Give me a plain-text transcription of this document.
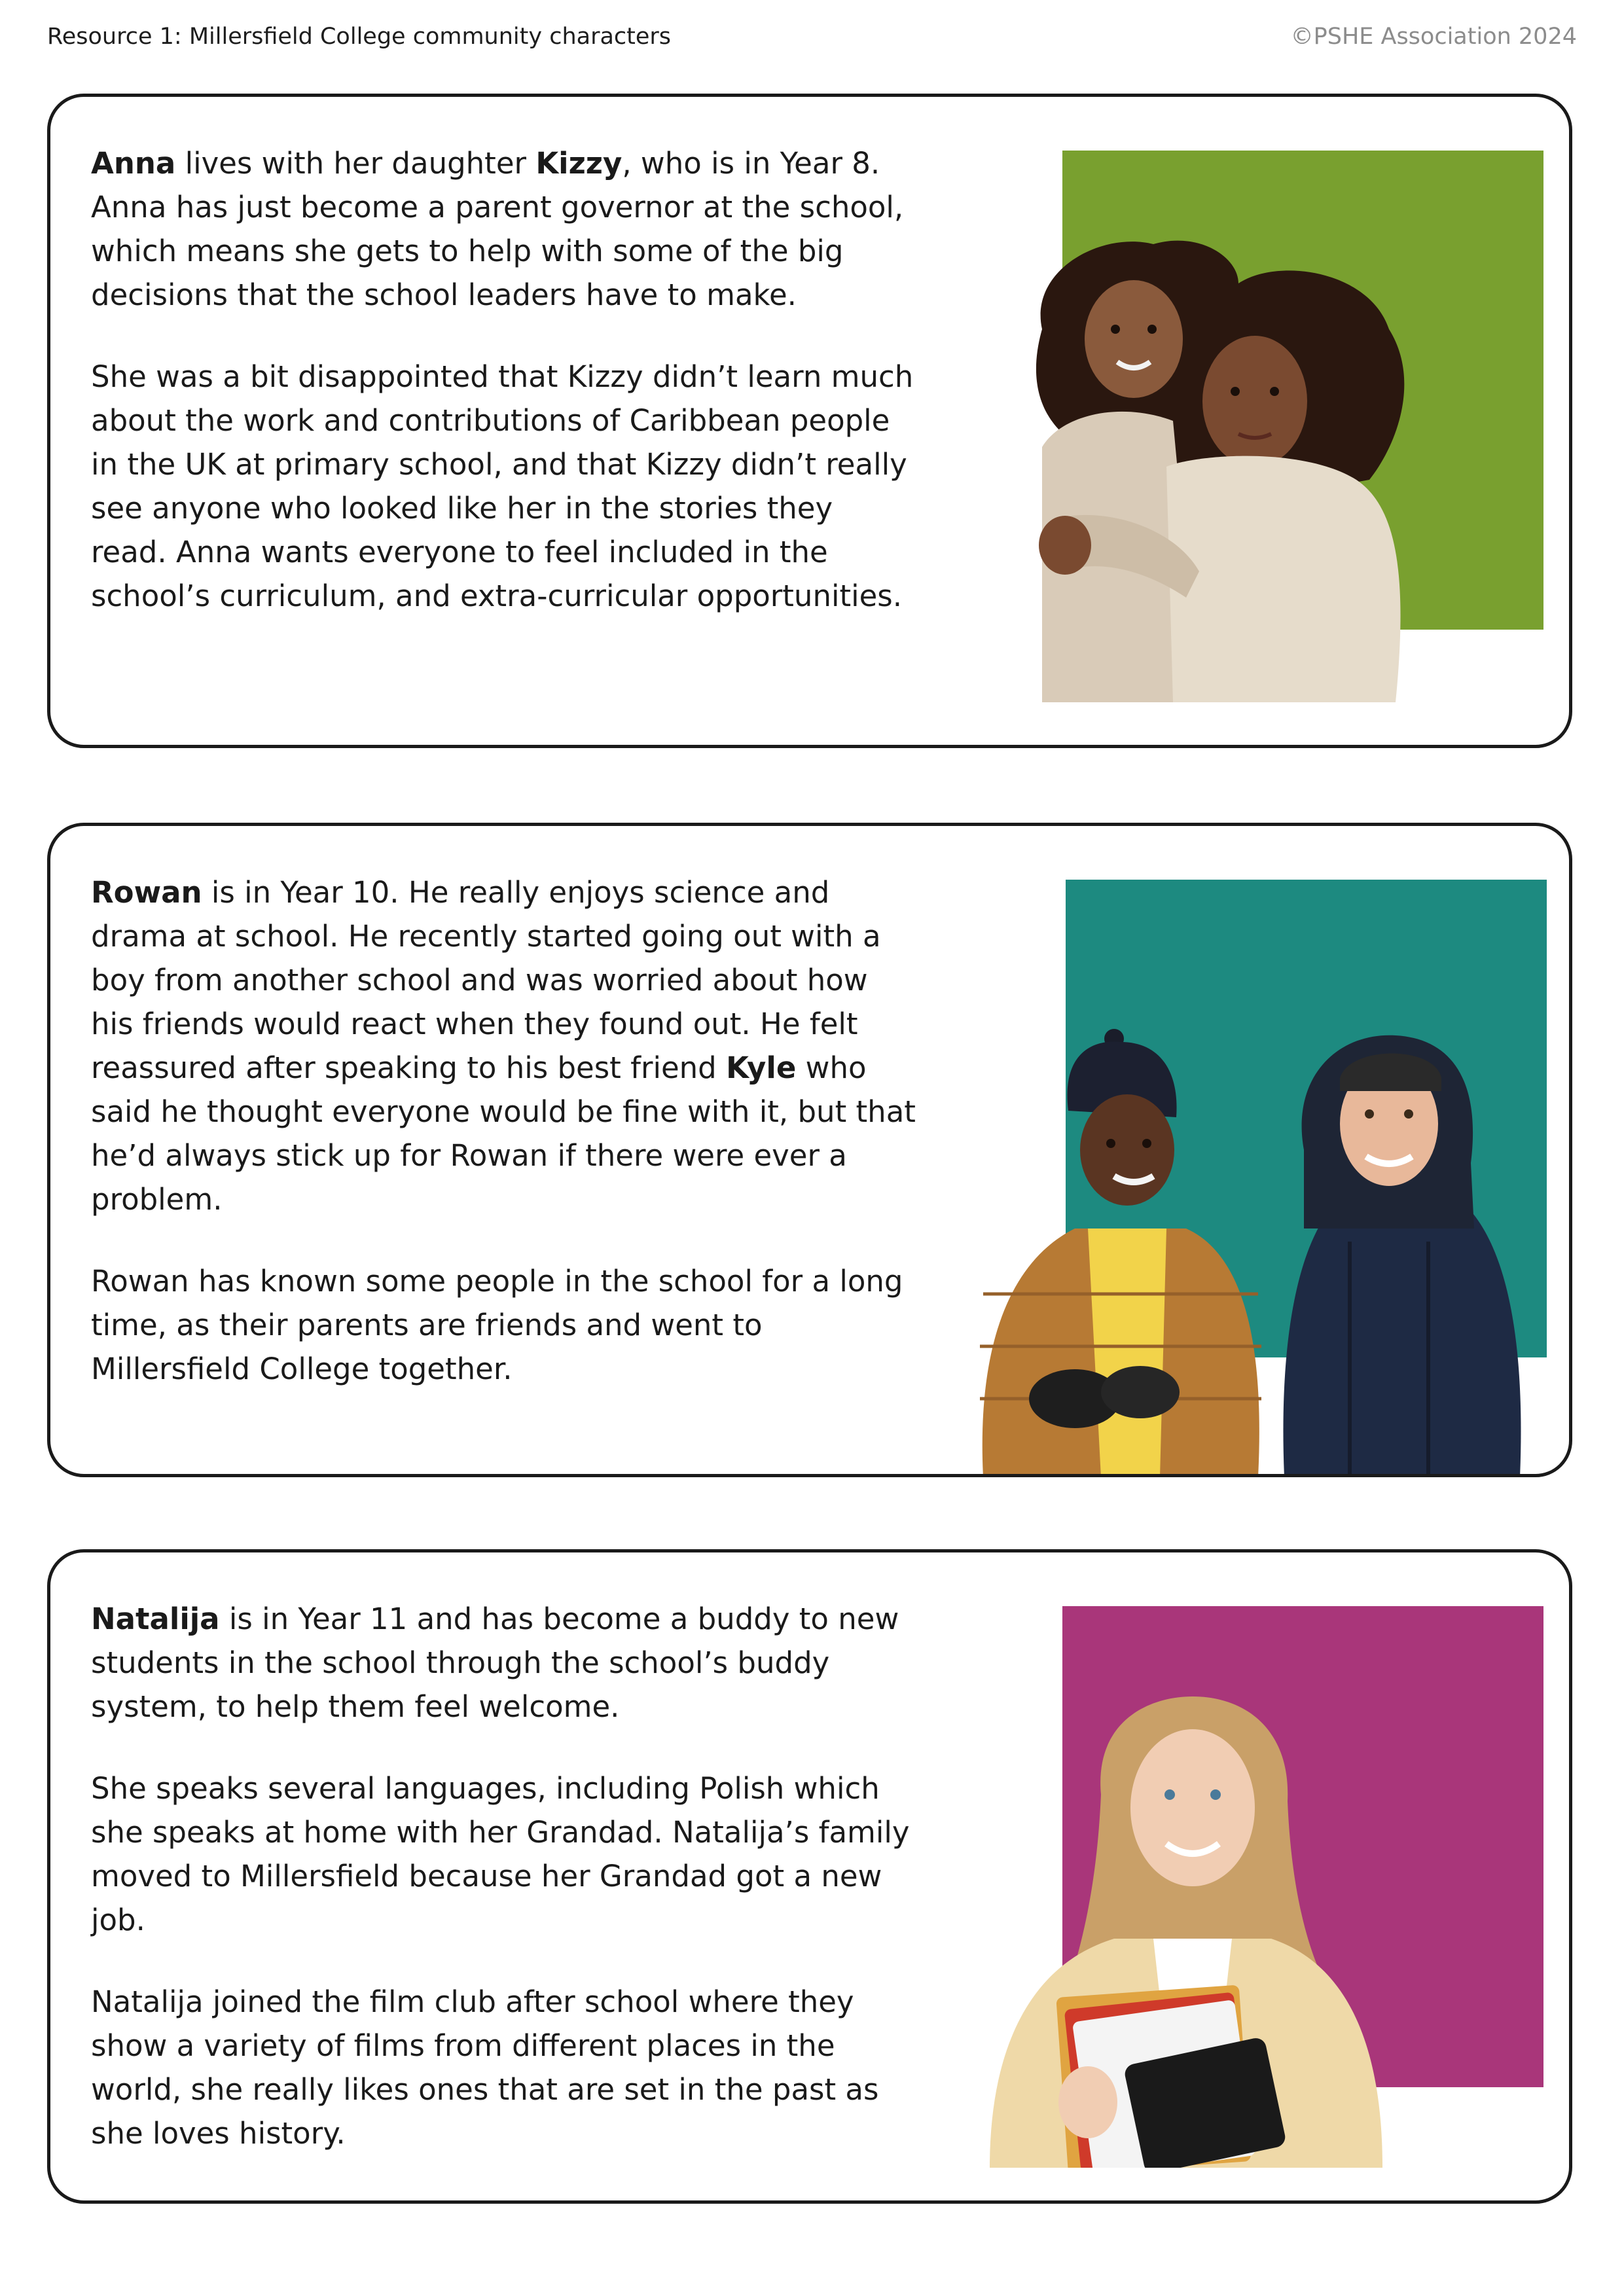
Resource 1: Millersfield College community characters	©PSHE Association 2024

Anna lives with her daughter Kizzy, who is in Year 8. Anna has just become a parent governor at the school, which means she gets to help with some of the big decisions that the school leaders have to make.

She was a bit disappointed that Kizzy didn’t learn much about the work and contributions of Caribbean people in the UK at primary school, and that Kizzy didn’t really see anyone who looked like her in the stories they read. Anna wants everyone to feel included in the school’s curriculum, and extra-curricular opportunities.

Rowan is in Year 10. He really enjoys science and drama at school. He recently started going out with a boy from another school and was worried about how his friends would react when they found out. He felt reassured after speaking to his best friend Kyle who said he thought everyone would be fine with it, but that he’d always stick up for Rowan if there were ever a problem.

Rowan has known some people in the school for a long time, as their parents are friends and went to Millersfield College together.

Natalija is in Year 11 and has become a buddy to new students in the school through the school’s buddy system, to help them feel welcome.

She speaks several languages, including Polish which she speaks at home with her Grandad. Natalija’s family moved to Millersfield because her Grandad got a new job.

Natalija joined the film club after school where they show a variety of films from different places in the world, she really likes ones that are set in the past as she loves history.
